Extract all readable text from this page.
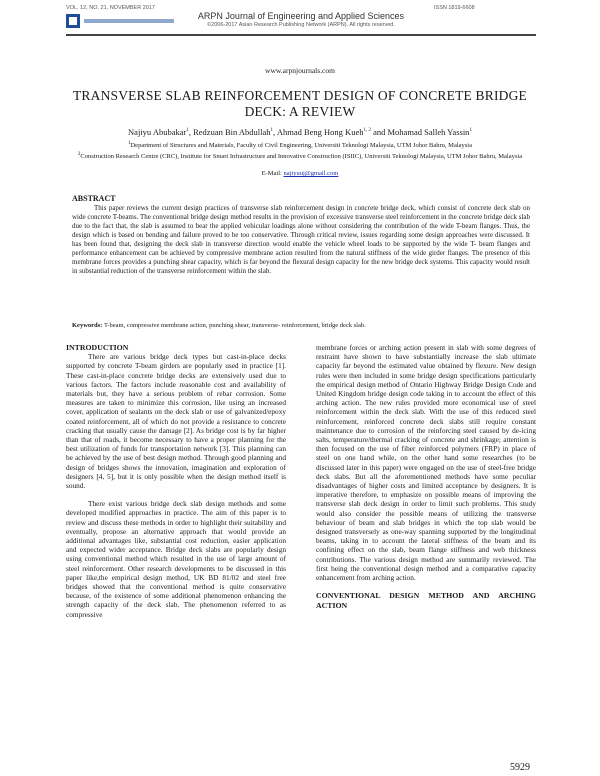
VOL. 12, NO. 21, NOVEMBER 2017	ISSN 1819-6608
ARPN Journal of Engineering and Applied Sciences
©2006-2017 Asian Research Publishing Network (ARPN). All rights reserved.
www.arpnjournals.com
TRANSVERSE SLAB REINFORCEMENT DESIGN OF CONCRETE BRIDGE DECK: A REVIEW
Najiyu Abubakar$^1$, Redzuan Bin Abdullah$^1$, Ahmad Beng Hong Kueh$^{1, 2}$ and Mohamad Salleh Yassin$^1$
$^1$Department of Structures and Materials, Faculty of Civil Engineering, Universiti Teknologi Malaysia, UTM Johor Bahru, Malaysia
$^2$Construction Research Centre (CRC), Institute for Smart Infrastructure and Innovative Construction (ISIIC), Universiti Teknologi Malaysia, UTM Johor Bahru, Malaysia
E-Mail: najiyuuj@gmail.com
ABSTRACT
This paper reviews the current design practices of transverse slab reinforcement design in concrete bridge deck, which consist of concrete deck slab on wide concrete T-beams. The conventional bridge design method results in the provision of excessive transverse steel reinforcement in the concrete bridge deck slab due to the fact that, the slab is assumed to bear the applied vehicular loadings alone without considering the contribution of the wide T-beam flanges. Thus, the design which is based on bending and failure proved to be too conservative. Through critical review, issues regarding some design approaches were discussed. It has been found that, designing the deck slab in transverse direction would enable the vehicle wheel loads to be supported by the wide T- beam flanges and performance enhancement can be achieved by compressive membrane action resulted from the natural stiffness of the wide girder flanges. The presence of this membrane forces provides a punching shear capacity, which is far beyond the flexural design capacity for the new bridge deck systems. This capacity would result in substantial reduction of the transverse reinforcement within the slab.
Keywords: T-beam, compressive membrane action, punching shear, transverse- reinforcement, bridge deck slab.
INTRODUCTION

There are various bridge deck types but cast-in-place decks supported by concrete T-beam girders are popularly used in practice [1]. These cast-in-place concrete bridge decks are extensively used due to various factors. The factors include reasonable cost and availability of materials but, they have a serious problem of rebar corrosion. Some measures are taken to minimize this corrosion, like using an increased cover, application of sealants on the deck slab or use of galvanized/epoxy coated reinforcement, all of which do not provide a resistance to concrete cracking that usually cause the damage [2]. As bridge cost is by far higher than that of roads, it become necessary to have a proper planning for the best utilization of funds for transportation network [3]. This planning can be achieved by the use of best design method. Through good planning and design of bridges shows the innovation, imagination and exploration of designers [4, 5], but it is only possible when the design method itself is sound.

There exist various bridge deck slab design methods and some developed modified approaches in practice. The aim of this paper is to review and discuss these methods in order to highlight their suitability and eventually, propose an alternative approach that would provide an additional advantages like, substantial cost reduction, easier application and expected wider acceptance. Bridge deck slabs are popularly design using conventional method which resulted in the use of large amount of steel reinforcement. Other research developments to be discussed in this paper like,the empirical design method, UK BD 81/02 and steel free bridges showed that the conventional method is quite conservative because, of the existence of some additional phenomenon enhancing the strength capacity of the deck slab. The phenomenon referred to as compressive

membrane forces or arching action present in slab with some degrees of restraint have shown to have substantially increase the slab ultimate capacity far beyond the estimated value obtained by flexure. New design rules were then included in some bridge design specifications particularly the empirical design method of Ontario Highway Bridge Design Code and United Kingdom bridge design code taking in to account the effect of this arching action. The new rules provided more economical use of steel reinforcement within the deck slab. With the use of this reduced steel reinforcement, reinforced concrete deck slabs still require constant maintenance due to corrosion of the reinforcing steel caused by de-icing salts, temperature/thermal cracking of concrete and shrinkage; attention is then focused on the use of fiber reinforced polymers (FRP) in place of steel on one hand while, on the other hand some researches (to be discussed later in this paper) were engaged on the use of steel-free bridge deck slabs. But all the aforementioned methods have some peculiar disadvantages of higher costs and limited acceptance by designers. It is imperative therefore, to emphasize on possible means of improving the transverse slab deck design in order to limit such problems. This study would also consider the possible means of utilizing the transverse behaviour of beam and slab bridges in which the top slab would be designed transversely as one-way spanning supported by the longitudinal beams, taking in to account the lateral stiffness of the beam and its confining effect on the slab, beam flange stiffness and web thickness contributions. The various design method are summarily reviewed. The first being the conventional design method and a comparative capacity enhancement from arching action.

CONVENTIONAL DESIGN METHOD AND ARCHING ACTION
5929
